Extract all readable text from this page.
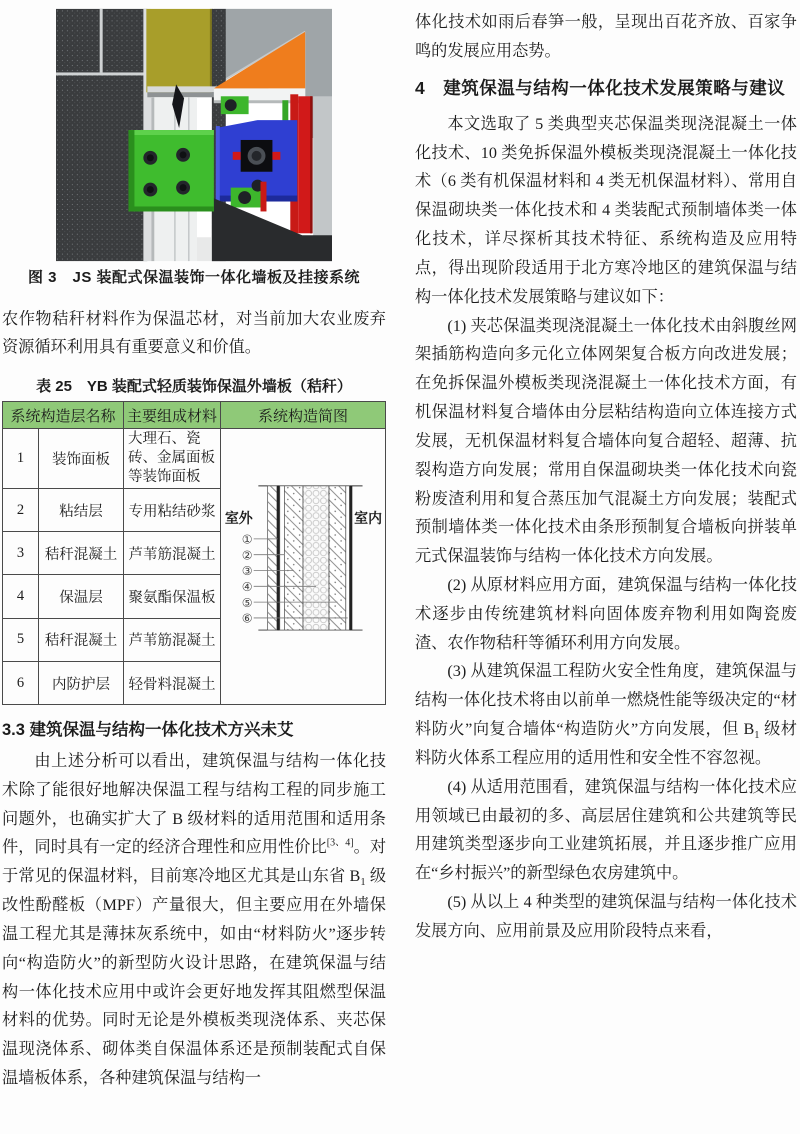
图 3　JS 装配式保温装饰一体化墙板及挂接系统

农作物秸秆材料作为保温芯材，对当前加大农业废弃资源循环利用具有重要意义和价值。

表 25　YB 装配式轻质装饰保温外墙板（秸秆）
系统构造层名称		主要组成材料	系统构造简图
1	装饰面板	大理石、瓷砖、金属面板等装饰面板	
①
②
③
④
⑤
⑥
室外	室内

2	粘结层	专用粘结砂浆	
3	秸秆混凝土	芦苇筋混凝土	
4	保温层	聚氨酯保温板	
5	秸秆混凝土	芦苇筋混凝土	
6	内防护层	轻骨料混凝土	
3.3 建筑保温与结构一体化技术方兴未艾

由上述分析可以看出，建筑保温与结构一体化技术除了能很好地解决保温工程与结构工程的同步施工问题外，也确实扩大了 B 级材料的适用范围和适用条件，同时具有一定的经济合理性和应用性价比[3、4]。对于常见的保温材料，目前寒冷地区尤其是山东省 $B_1$ 级改性酚醛板（MPF）产量很大，但主要应用在外墙保温工程尤其是薄抹灰系统中，如由“材料防火”逐步转向“构造防火”的新型防火设计思路，在建筑保温与结构一体化技术应用中或许会更好地发挥其阻燃型保温材料的优势。同时无论是外模板类现浇体系、夹芯保温现浇体系、砌体类自保温体系还是预制装配式自保温墙板体系，各种建筑保温与结构一

体化技术如雨后春笋一般，呈现出百花齐放、百家争鸣的发展应用态势。

4　建筑保温与结构一体化技术发展策略与建议

本文选取了 5 类典型夹芯保温类现浇混凝土一体化技术、10 类免拆保温外模板类现浇混凝土一体化技术（6 类有机保温材料和 4 类无机保温材料）、常用自保温砌块类一体化技术和 4 类装配式预制墙体类一体化技术，详尽探析其技术特征、系统构造及应用特点，得出现阶段适用于北方寒冷地区的建筑保温与结构一体化技术发展策略与建议如下：

(1) 夹芯保温类现浇混凝土一体化技术由斜腹丝网架插筋构造向多元化立体网架复合板方向改进发展；在免拆保温外模板类现浇混凝土一体化技术方面，有机保温材料复合墙体由分层粘结构造向立体连接方式发展，无机保温材料复合墙体向复合超轻、超薄、抗裂构造方向发展；常用自保温砌块类一体化技术向瓷粉废渣利用和复合蒸压加气混凝土方向发展；装配式预制墙体类一体化技术由条形预制复合墙板向拼装单元式保温装饰与结构一体化技术方向发展。

(2) 从原材料应用方面，建筑保温与结构一体化技术逐步由传统建筑材料向固体废弃物利用如陶瓷废渣、农作物秸秆等循环利用方向发展。

(3) 从建筑保温工程防火安全性角度，建筑保温与结构一体化技术将由以前单一燃烧性能等级决定的“材料防火”向复合墙体“构造防火”方向发展，但 $B_1$ 级材料防火体系工程应用的适用性和安全性不容忽视。

(4) 从适用范围看，建筑保温与结构一体化技术应用领域已由最初的多、高层居住建筑和公共建筑等民用建筑类型逐步向工业建筑拓展，并且逐步推广应用在“乡村振兴”的新型绿色农房建筑中。

(5) 从以上 4 种类型的建筑保温与结构一体化技术发展方向、应用前景及应用阶段特点来看，
